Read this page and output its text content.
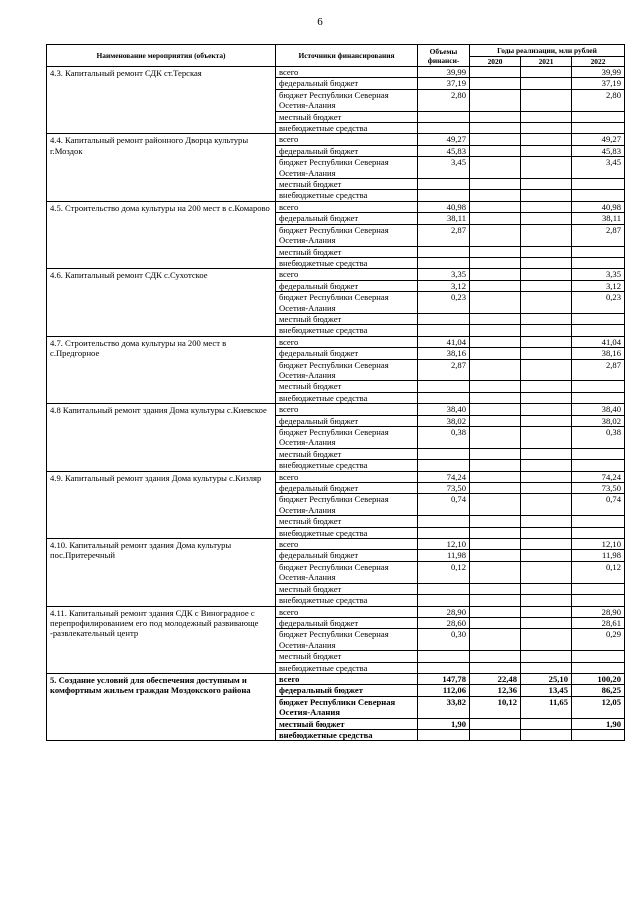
6
Наименование мероприятия (объекта)	Источники финансирования	Объемы финанси-	Годы реализации, млн рублей		
			2020	2021	2022
4.3. Капитальный ремонт СДК ст.Терская	всего	39,99			39,99
	федеральный бюджет	37,19			37,19
	бюджет Республики Северная Осетия-Алания	2,80			2,80
	местный бюджет				
	внебюджетные средства				
4.4. Капитальный ремонт районного Дворца культуры г.Моздок	всего	49,27			49,27
	федеральный бюджет	45,83			45,83
	бюджет Республики Северная Осетия-Алания	3,45			3,45
	местный бюджет				
	внебюджетные средства				
4.5. Строительство дома культуры на 200 мест в с.Комарово	всего	40,98			40,98
	федеральный бюджет	38,11			38,11
	бюджет Республики Северная Осетия-Алания	2,87			2,87
	местный бюджет				
	внебюджетные средства				
4.6. Капитальный ремонт СДК с.Сухотское	всего	3,35			3,35
	федеральный бюджет	3,12			3,12
	бюджет Республики Северная Осетия-Алания	0,23			0,23
	местный бюджет				
	внебюджетные средства				
4.7. Строительство дома культуры на 200 мест в с.Предгорное	всего	41,04			41,04
	федеральный бюджет	38,16			38,16
	бюджет Республики Северная Осетия-Алания	2,87			2,87
	местный бюджет				
	внебюджетные средства				
4.8 Капитальный ремонт здания Дома культуры с.Киевское	всего	38,40			38,40
	федеральный бюджет	38,02			38,02
	бюджет Республики Северная Осетия-Алания	0,38			0,38
	местный бюджет				
	внебюджетные средства				
4.9. Капитальный ремонт здания Дома культуры с.Кизляр	всего	74,24			74,24
	федеральный бюджет	73,50			73,50
	бюджет Республики Северная Осетия-Алания	0,74			0,74
	местный бюджет				
	внебюджетные средства				
4.10. Капитальный ремонт здания Дома культуры пос.Притеречный	всего	12,10			12,10
	федеральный бюджет	11,98			11,98
	бюджет Республики Северная Осетия-Алания	0,12			0,12
	местный бюджет				
	внебюджетные средства				
4.11. Капитальный ремонт здания СДК с Виноградное с перепрофилированием его под молодежный развивающе -развлекательный центр	всего	28,90			28,90
	федеральный бюджет	28,60			28,61
	бюджет Республики Северная Осетия-Алания	0,30			0,29
	местный бюджет				
	внебюджетные средства				
5. Создание условий для обеспечения доступным и комфортным жильем граждан Моздокского района	всего	147,78	22,48	25,10	100,20
	федеральный бюджет	112,06	12,36	13,45	86,25
	бюджет Республики Северная Осетия-Алания	33,82	10,12	11,65	12,05
	местный бюджет	1,90			1,90
	внебюджетные средства				
